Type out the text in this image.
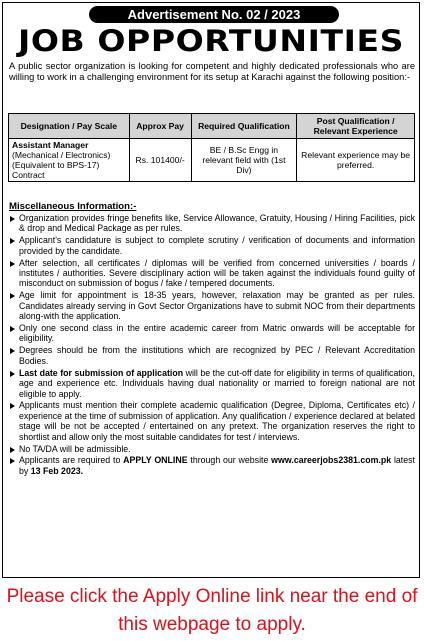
Advertisement No. 02 / 2023
JOB OPPORTUNITIES

A public sector organization is looking for competent and highly dedicated professionals who are willing to work in a challenging environment for its setup at Karachi against the following position:-

Designation / Pay Scale	Approx Pay	Required Qualification	Post Qualification / Relevant Experience
Assistant Manager
(Mechanical / Electronics) (Equivalent to BPS-17) Contract	Rs. 101400/-	BE / B.Sc Engg in relevant field with (1st Div)	Relevant experience may be preferred.

Miscellaneous Information:-

Organization provides fringe benefits like, Service Allowance, Gratuity, Housing / Hiring Facilities, pick & drop and Medical Package as per rules.
Applicant's candidature is subject to complete scrutiny / verification of documents and information provided by the candidate.
After selection, all certificates / diplomas will be verified from concerned universities / boards / institutes / authorities. Severe disciplinary action will be taken against the individuals found guilty of misconduct on submission of bogus / fake / tempered documents.
Age limit for appointment is 18-35 years, however, relaxation may be granted as per rules. Candidates already serving in Govt Sector Organizations have to submit NOC from their departments along-with the application.
Only one second class in the entire academic career from Matric onwards will be acceptable for eligibility.
Degrees should be from the institutions which are recognized by PEC / Relevant Accreditation Bodies.
Last date for submission of application will be the cut-off date for eligibility in terms of qualification, age and experience etc. Individuals having dual nationality or married to foreign national are not eligible to apply.
Applicants must mention their complete academic qualification (Degree, Diploma, Certificates etc) / experience at the time of submission of application. Any qualification / experience declared at belated stage will be not be accepted / entertained on any pretext. The organization reserves the right to shortlist and allow only the most suitable candidates for test / interviews.
No TA/DA will be admissible.
Applicants are required to APPLY ONLINE through our website www.careerjobs2381.com.pk latest by 13 Feb 2023.

Please click the Apply Online link near the end of this webpage to apply.
